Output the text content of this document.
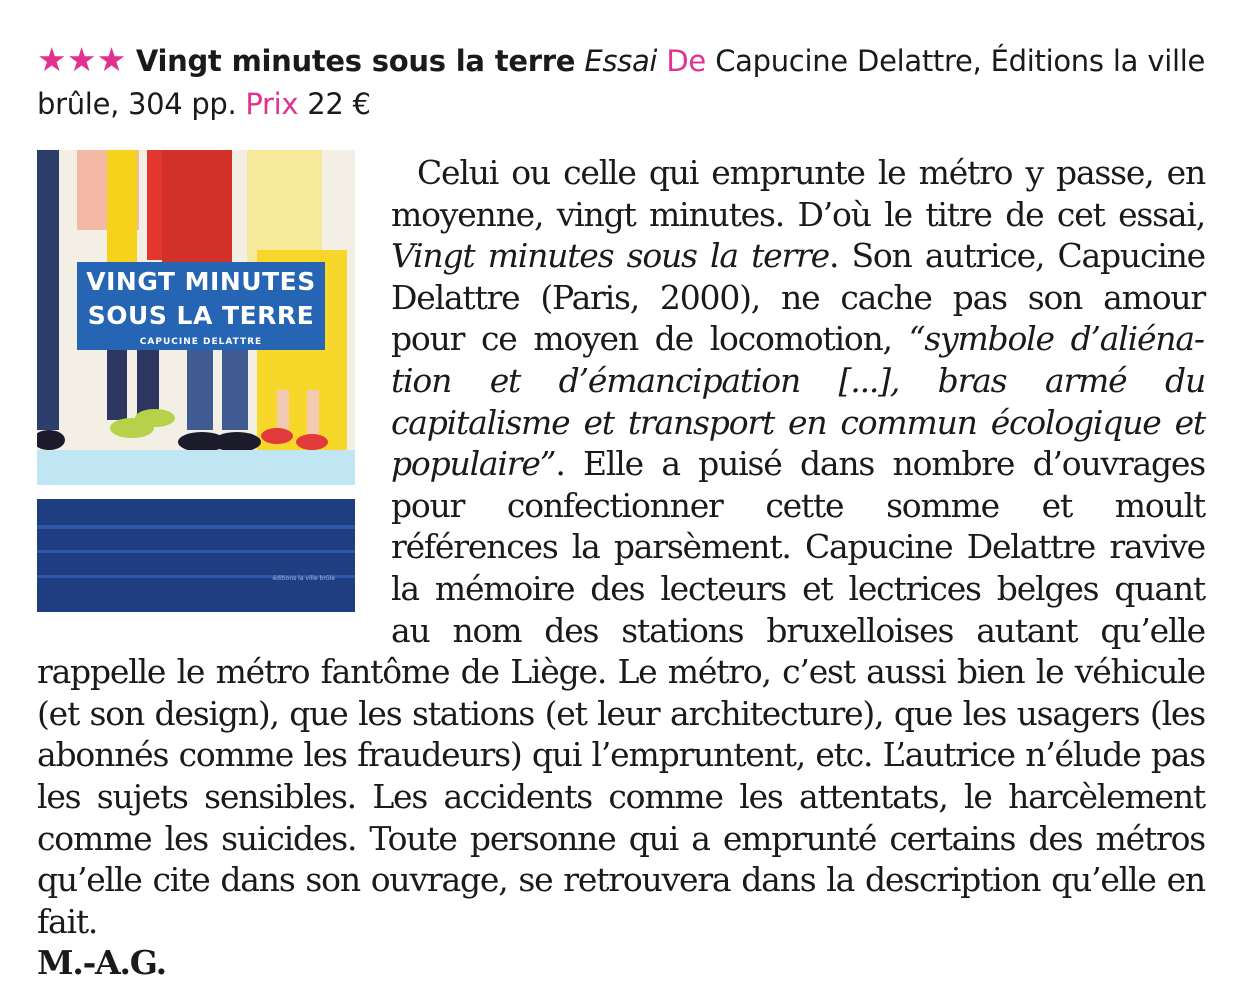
★★★ Vingt minutes sous la terre Essai De Capucine Delattre, Éditions la ville brûle, 304 pp. Prix 22 €

VINGT MINUTES
SOUS LA TERRE
CAPUCINE DELATTRE
éditions la ville brûle

Celui ou celle qui emprunte le métro y passe, en moyenne, vingt minutes. D’où le titre de cet essai, Vingt minutes sous la terre. Son autrice, Capucine Delattre (Paris, 2000), ne cache pas son amour pour ce moyen de locomotion, “symbole d’aliénation et d’émancipation [...], bras armé du capitalisme et transport en commun écologique et populaire”. Elle a puisé dans nombre d’ouvrages pour confectionner cette somme et moult références la parsèment. Capucine Delattre ravive la mémoire des lecteurs et lectrices belges quant au nom des stations bruxelloises autant qu’elle rappelle le métro fantôme de Liège. Le métro, c’est aussi bien le véhicule (et son design), que les stations (et leur architecture), que les usagers (les abonnés comme les fraudeurs) qui l’empruntent, etc. L’autrice n’élude pas les sujets sensibles. Les accidents comme les attentats, le harcèlement comme les suicides. Toute personne qui a emprunté certains des métros qu’elle cite dans son ouvrage, se retrouvera dans la description qu’elle en fait.

M.-A.G.
